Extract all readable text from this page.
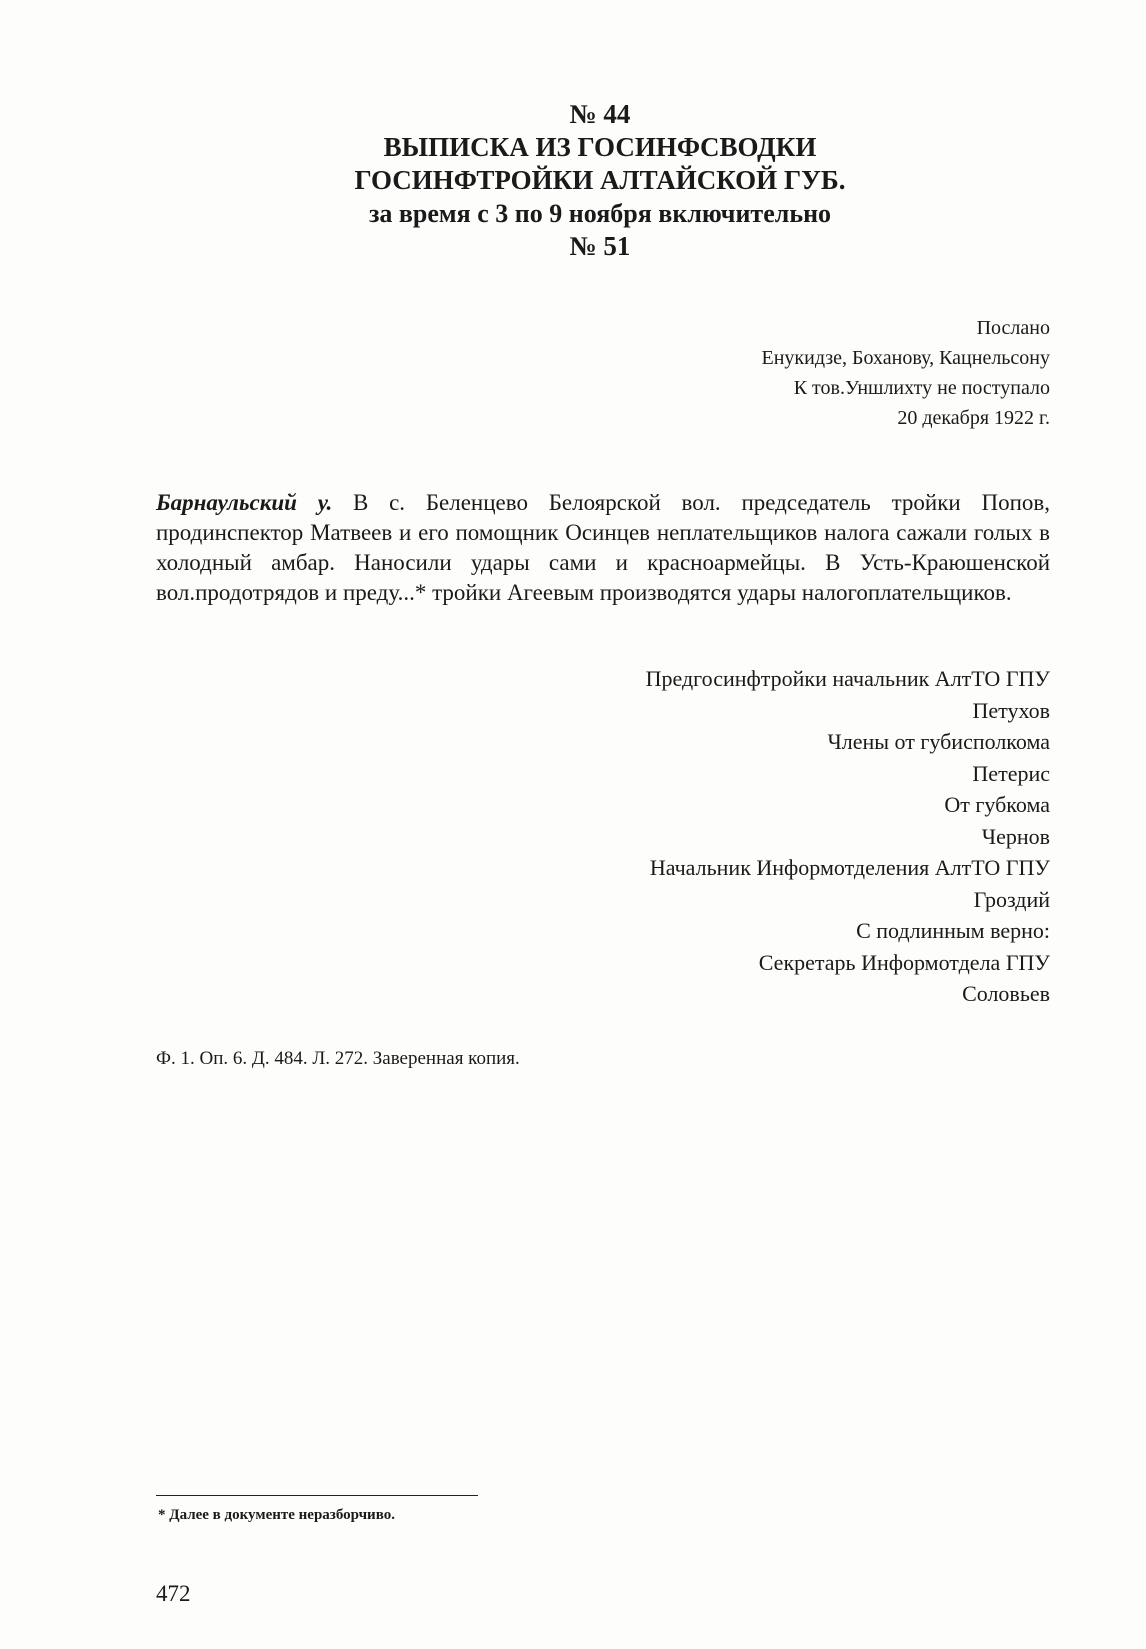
№ 44
ВЫПИСКА ИЗ ГОСИНФСВОДКИ
ГОСИНФТРОЙКИ АЛТАЙСКОЙ ГУБ.
за время с 3 по 9 ноября включительно
№ 51
Послано
Енукидзе, Боханову, Кацнельсону
К тов.Уншлихту не поступало
20 декабря 1922 г.
Барнаульский у. В с. Беленцево Белоярской вол. председатель тройки Попов, продинспектор Матвеев и его помощник Осинцев неплательщиков налога сажали голых в холодный амбар. Наносили удары сами и красноармейцы. В Усть-Краюшенской вол.продотрядов и преду...* тройки Агеевым производятся удары налогоплательщиков.
Предгосинфтройки начальник АлтТО ГПУ
Петухов
Члены от губисполкома
Петерис
От губкома
Чернов
Начальник Информотделения АлтТО ГПУ
Гроздий
С подлинным верно:
Секретарь Информотдела ГПУ
Соловьев
Ф. 1. Оп. 6. Д. 484. Л. 272. Заверенная копия.
* Далее в документе неразборчиво.
472
